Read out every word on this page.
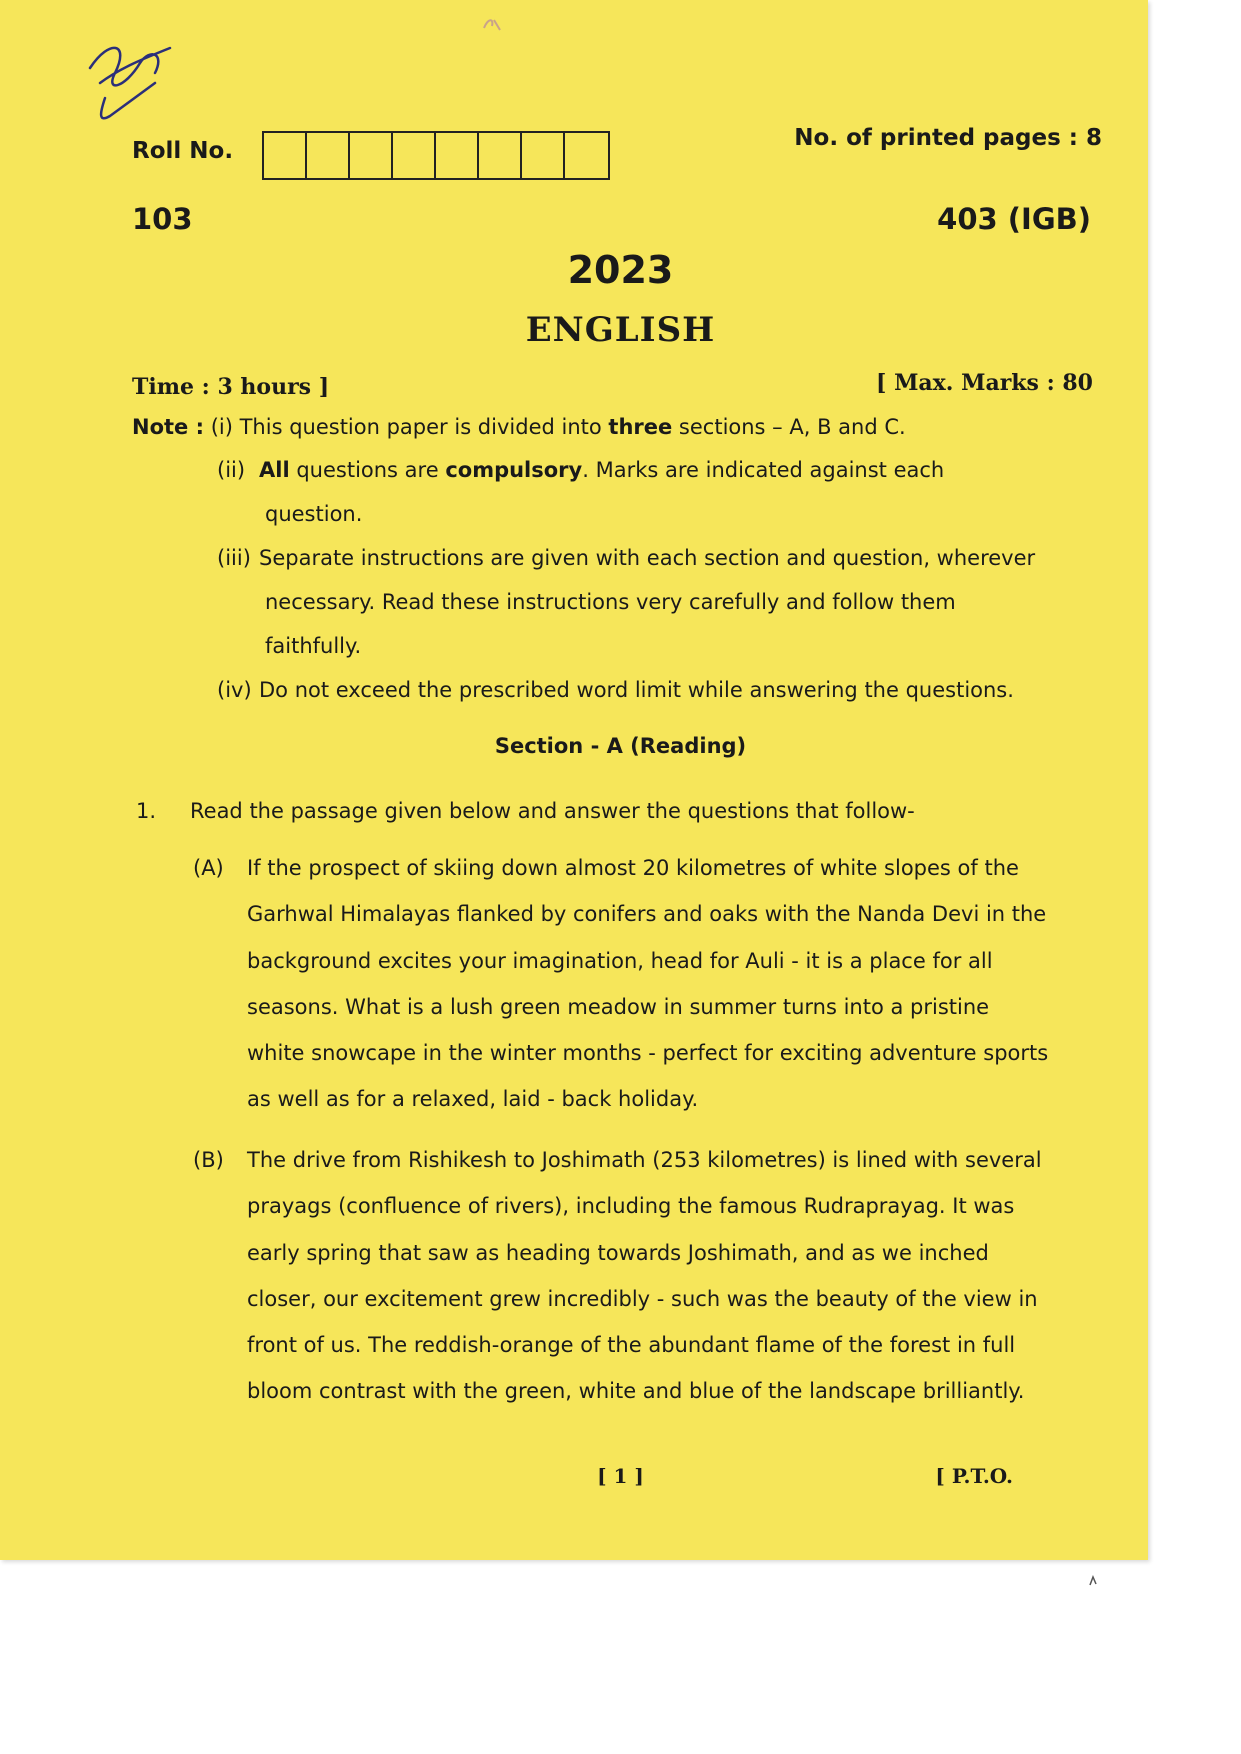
Roll No.	No. of printed pages : 8
103	403 (IGB)
2023
ENGLISH
Time : 3 hours ]	[ Max. Marks : 80
Note : (i) This question paper is divided into three sections – A, B and C.
(ii) All questions are compulsory. Marks are indicated against each
question.
(iii) Separate instructions are given with each section and question, wherever
necessary. Read these instructions very carefully and follow them
faithfully.
(iv) Do not exceed the prescribed word limit while answering the questions.
Section - A (Reading)
1. Read the passage given below and answer the questions that follow-
(A) If the prospect of skiing down almost 20 kilometres of white slopes of the
Garhwal Himalayas flanked by conifers and oaks with the Nanda Devi in the
background excites your imagination, head for Auli - it is a place for all
seasons. What is a lush green meadow in summer turns into a pristine
white snowcape in the winter months - perfect for exciting adventure sports
as well as for a relaxed, laid - back holiday.
(B) The drive from Rishikesh to Joshimath (253 kilometres) is lined with several
prayags (confluence of rivers), including the famous Rudraprayag. It was
early spring that saw as heading towards Joshimath, and as we inched
closer, our excitement grew incredibly - such was the beauty of the view in
front of us. The reddish-orange of the abundant flame of the forest in full
bloom contrast with the green, white and blue of the landscape brilliantly.
[ 1 ]	[ P.T.O.
